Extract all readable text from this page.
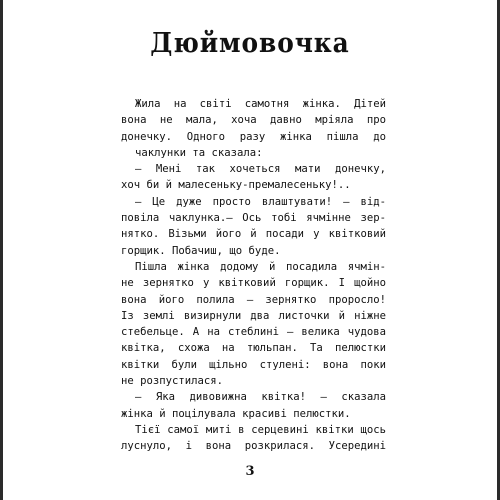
Дюймовочка
Жила на світі самотня жінка. Дітей
вона не мала, хоча давно мріяла про
донечку. Одного разу жінка пішла до
чаклунки та сказала:
— Мені так хочеться мати донечку,
хоч би й малесеньку-премалесеньку!..
— Це дуже просто влаштувати! — від-
повіла чаклунка.— Ось тобі ячмінне зер-
нятко. Візьми його й посади у квітковий
горщик. Побачиш, що буде.
Пішла жінка додому й посадила ячмін-
не зернятко у квітковий горщик. І щойно
вона його полила — зернятко проросло!
Із землі визирнули два листочки й ніжне
стебельце. А на стеблині — велика чудова
квітка, схожа на тюльпан. Та пелюстки
квітки були щільно стулені: вона поки
не розпустилася.
— Яка дивовижна квітка! — сказала
жінка й поцілувала красиві пелюстки.
Тієї самої миті в серцевині квітки щось
луснуло, і вона розкрилася. Усередині
3
